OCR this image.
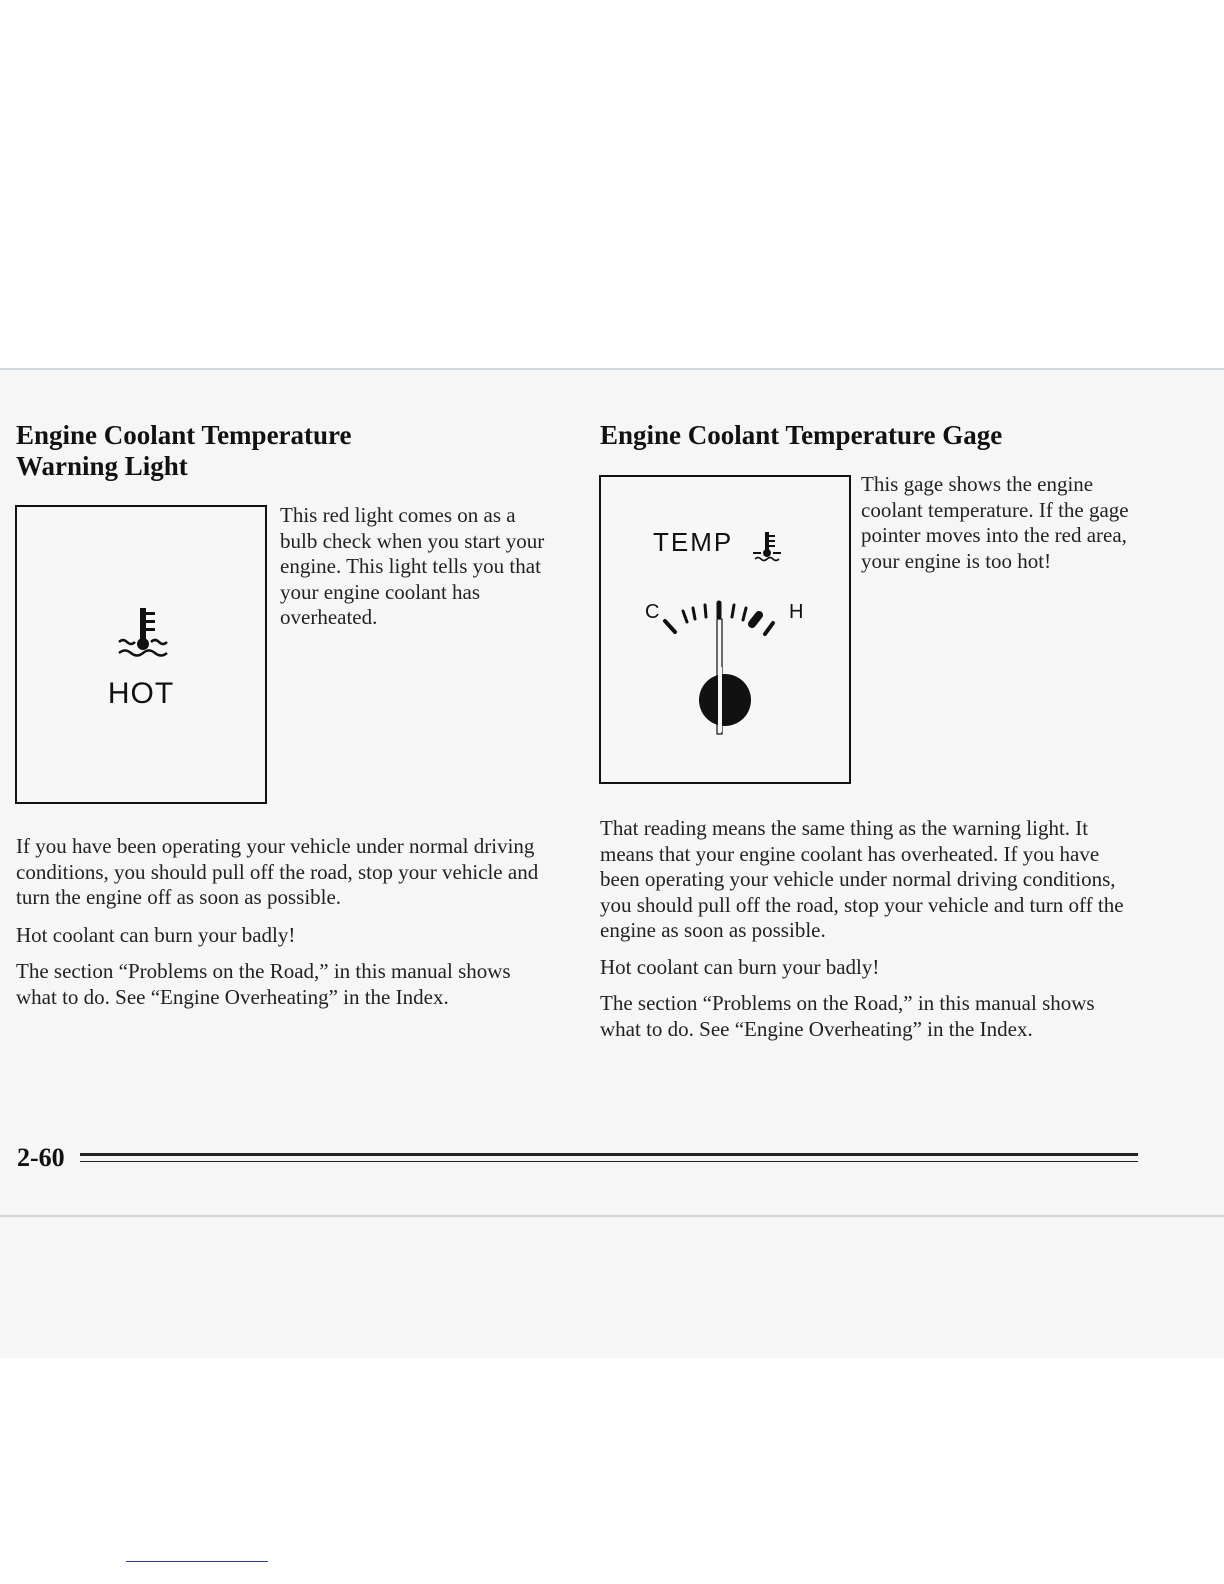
Engine Coolant Temperature
Warning Light
HOT

This red light comes on as a bulb check when you start your engine. This light tells you that your engine coolant has overheated.

If you have been operating your vehicle under normal driving conditions, you should pull off the road, stop your vehicle and turn the engine off as soon as possible.

Hot coolant can burn your badly!

The section “Problems on the Road,” in this manual shows what to do. See “Engine Overheating” in the Index.

Engine Coolant Temperature Gage
TEMP
C	H

This gage shows the engine coolant temperature. If the gage pointer moves into the red area, your engine is too hot!

That reading means the same thing as the warning light. It means that your engine coolant has overheated. If you have been operating your vehicle under normal driving conditions, you should pull off the road, stop your vehicle and turn off the engine as soon as possible.

Hot coolant can burn your badly!

The section “Problems on the Road,” in this manual shows what to do. See “Engine Overheating” in the Index.

2-60
